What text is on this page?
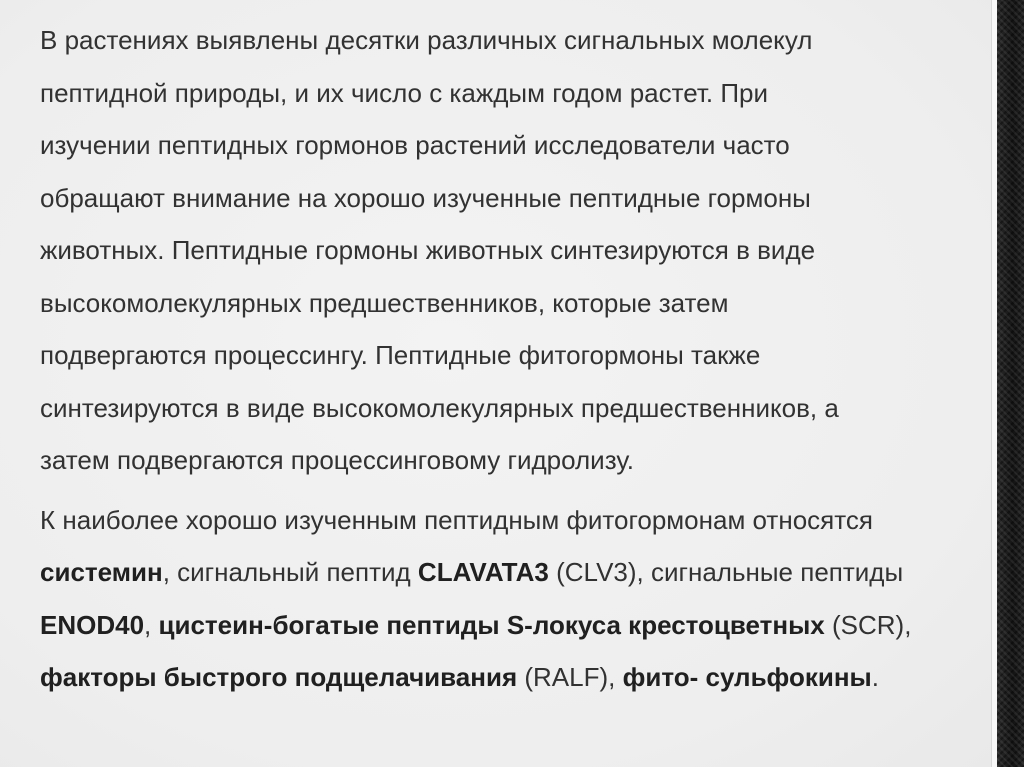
В растениях выявлены десятки различных сигнальных молекул
пептидной природы, и их число с каждым годом растет. При
изучении пептидных гормонов растений исследователи часто
обращают внимание на хорошо изученные пептидные гормоны
животных. Пептидные гормоны животных синтезируются в виде
высокомолекулярных предшественников, которые затем
подвергаются процессингу. Пептидные фитогормоны также
синтезируются в виде высокомолекулярных предшественников, а
затем подвергаются процессинговому гидролизу.
К наиболее хорошо изученным пептидным фитогормонам относятся
системин, сигнальный пептид CLAVATA3 (CLV3), сигнальные пептиды
ENOD40, цистеин-богатые пептиды S-локуса крестоцветных (SCR),
факторы быстрого подщелачивания (RALF), фито- сульфокины.
